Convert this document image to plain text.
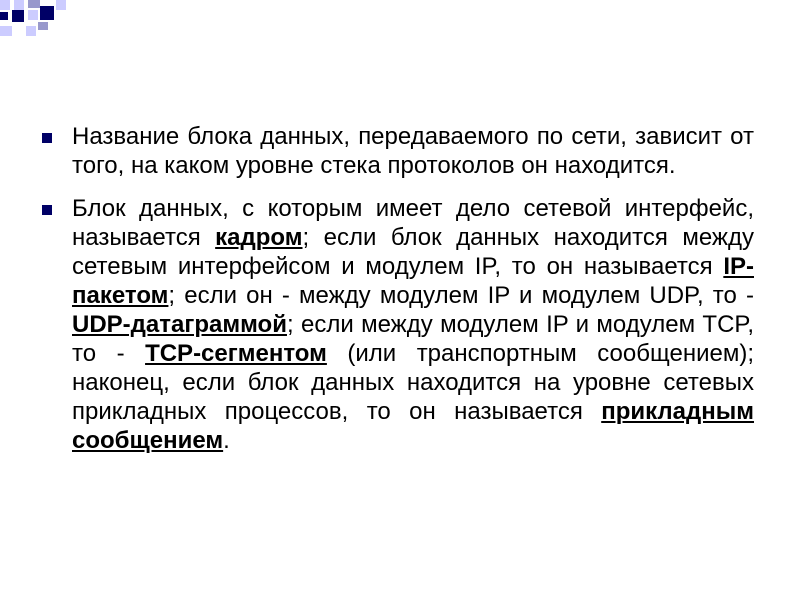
Название блока данных, передаваемого по сети, зависит от того, на каком уровне стека протоколов он находится.
Блок данных, с которым имеет дело сетевой интерфейс, называется кадром; если блок данных находится между сетевым интерфейсом и модулем IP, то он называется IP-пакетом; если он - между модулем IP и модулем UDP, то - UDP-датаграммой; если между модулем IP и модулем TCP, то - TCP-сегментом (или транспортным сообщением); наконец, если блок данных находится на уровне сетевых прикладных процессов, то он называется прикладным сообщением.
